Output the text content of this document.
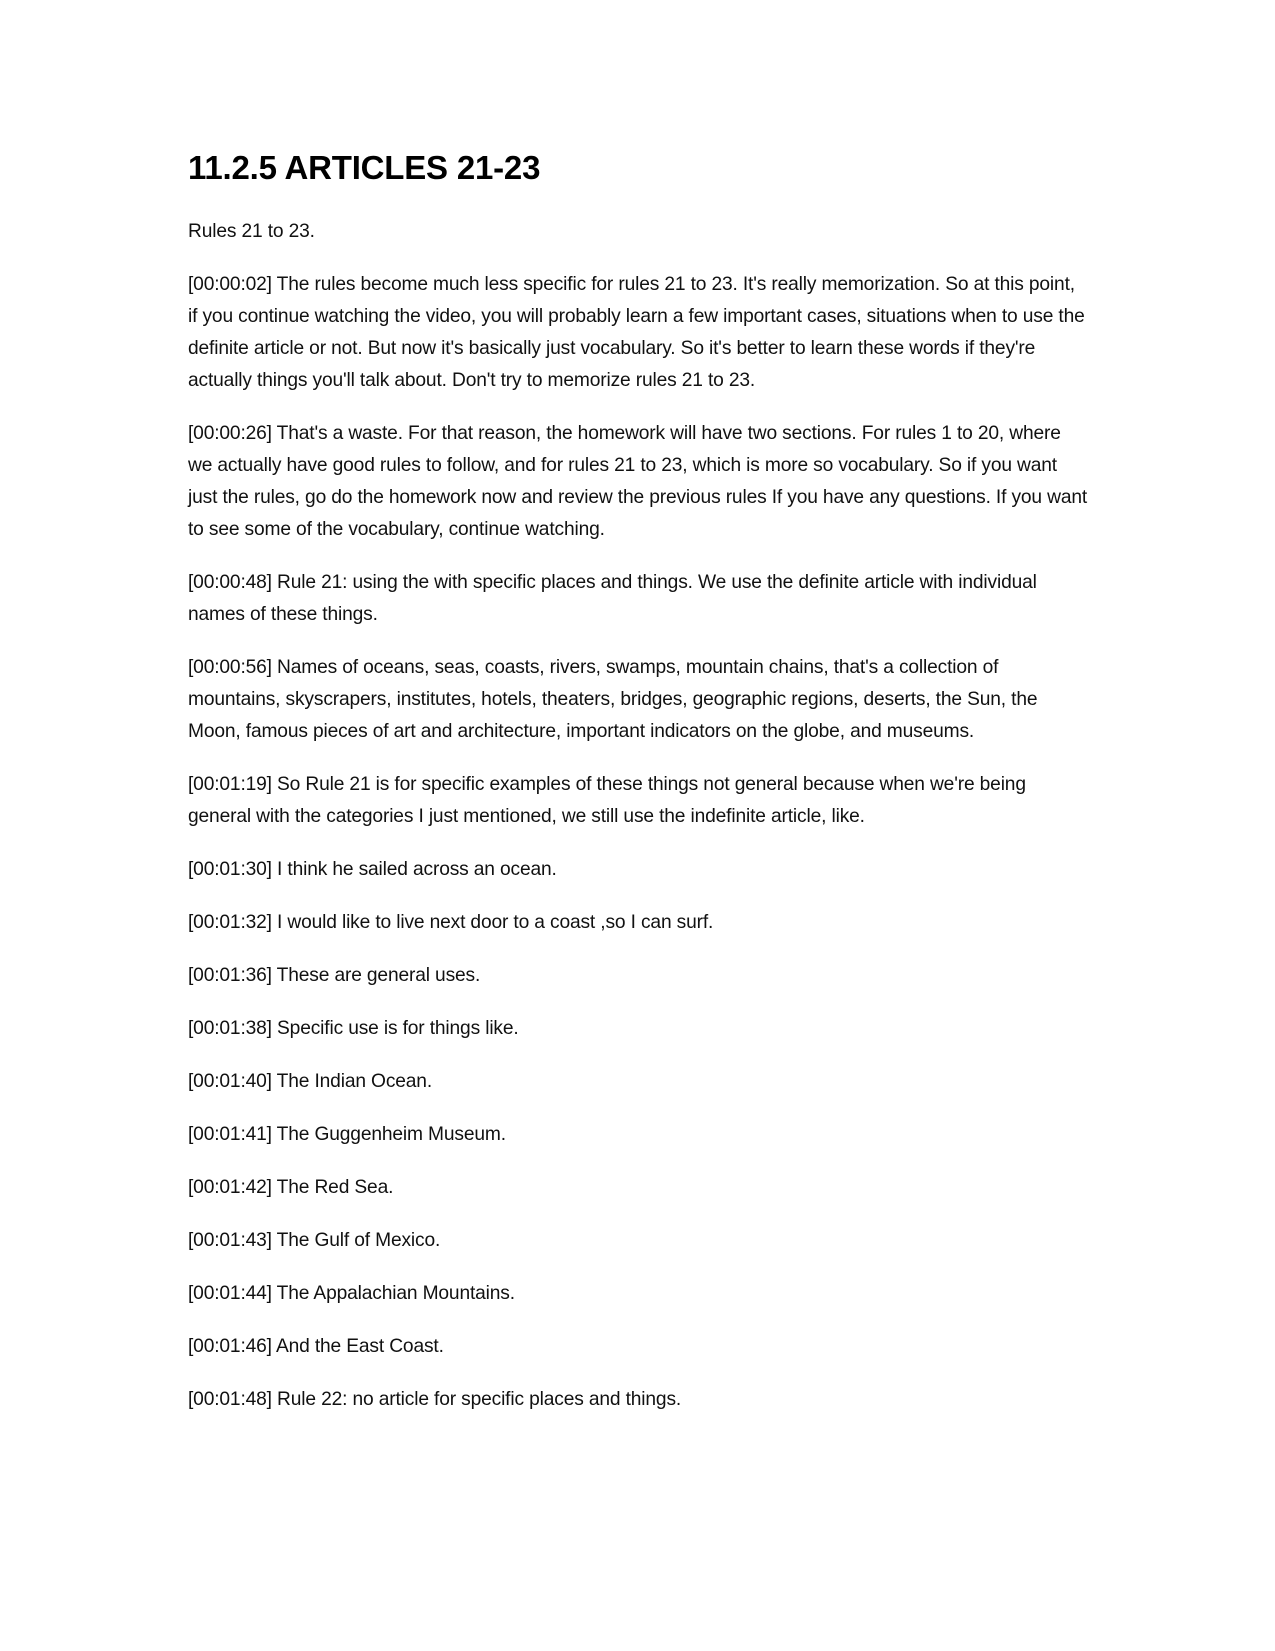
11.2.5 ARTICLES 21-23

Rules 21 to 23.

[00:00:02] The rules become much less specific for rules 21 to 23. It's really memorization. So at this point, if you continue watching the video, you will probably learn a few important cases, situations when to use the definite article or not. But now it's basically just vocabulary. So it's better to learn these words if they're actually things you'll talk about. Don't try to memorize rules 21 to 23.

[00:00:26] That's a waste. For that reason, the homework will have two sections. For rules 1 to 20, where we actually have good rules to follow, and for rules 21 to 23, which is more so vocabulary. So if you want just the rules, go do the homework now and review the previous rules If you have any questions. If you want to see some of the vocabulary, continue watching.

[00:00:48] Rule 21: using the with specific places and things. We use the definite article with individual names of these things.

[00:00:56] Names of oceans, seas, coasts, rivers, swamps, mountain chains, that's a collection of mountains, skyscrapers, institutes, hotels, theaters, bridges, geographic regions, deserts, the Sun, the Moon, famous pieces of art and architecture, important indicators on the globe, and museums.

[00:01:19] So Rule 21 is for specific examples of these things not general because when we're being general with the categories I just mentioned, we still use the indefinite article, like.

[00:01:30] I think he sailed across an ocean.

[00:01:32] I would like to live next door to a coast ,so I can surf.

[00:01:36] These are general uses.

[00:01:38] Specific use is for things like.

[00:01:40] The Indian Ocean.

[00:01:41] The Guggenheim Museum.

[00:01:42] The Red Sea.

[00:01:43] The Gulf of Mexico.

[00:01:44] The Appalachian Mountains.

[00:01:46] And the East Coast.

[00:01:48] Rule 22: no article for specific places and things.
